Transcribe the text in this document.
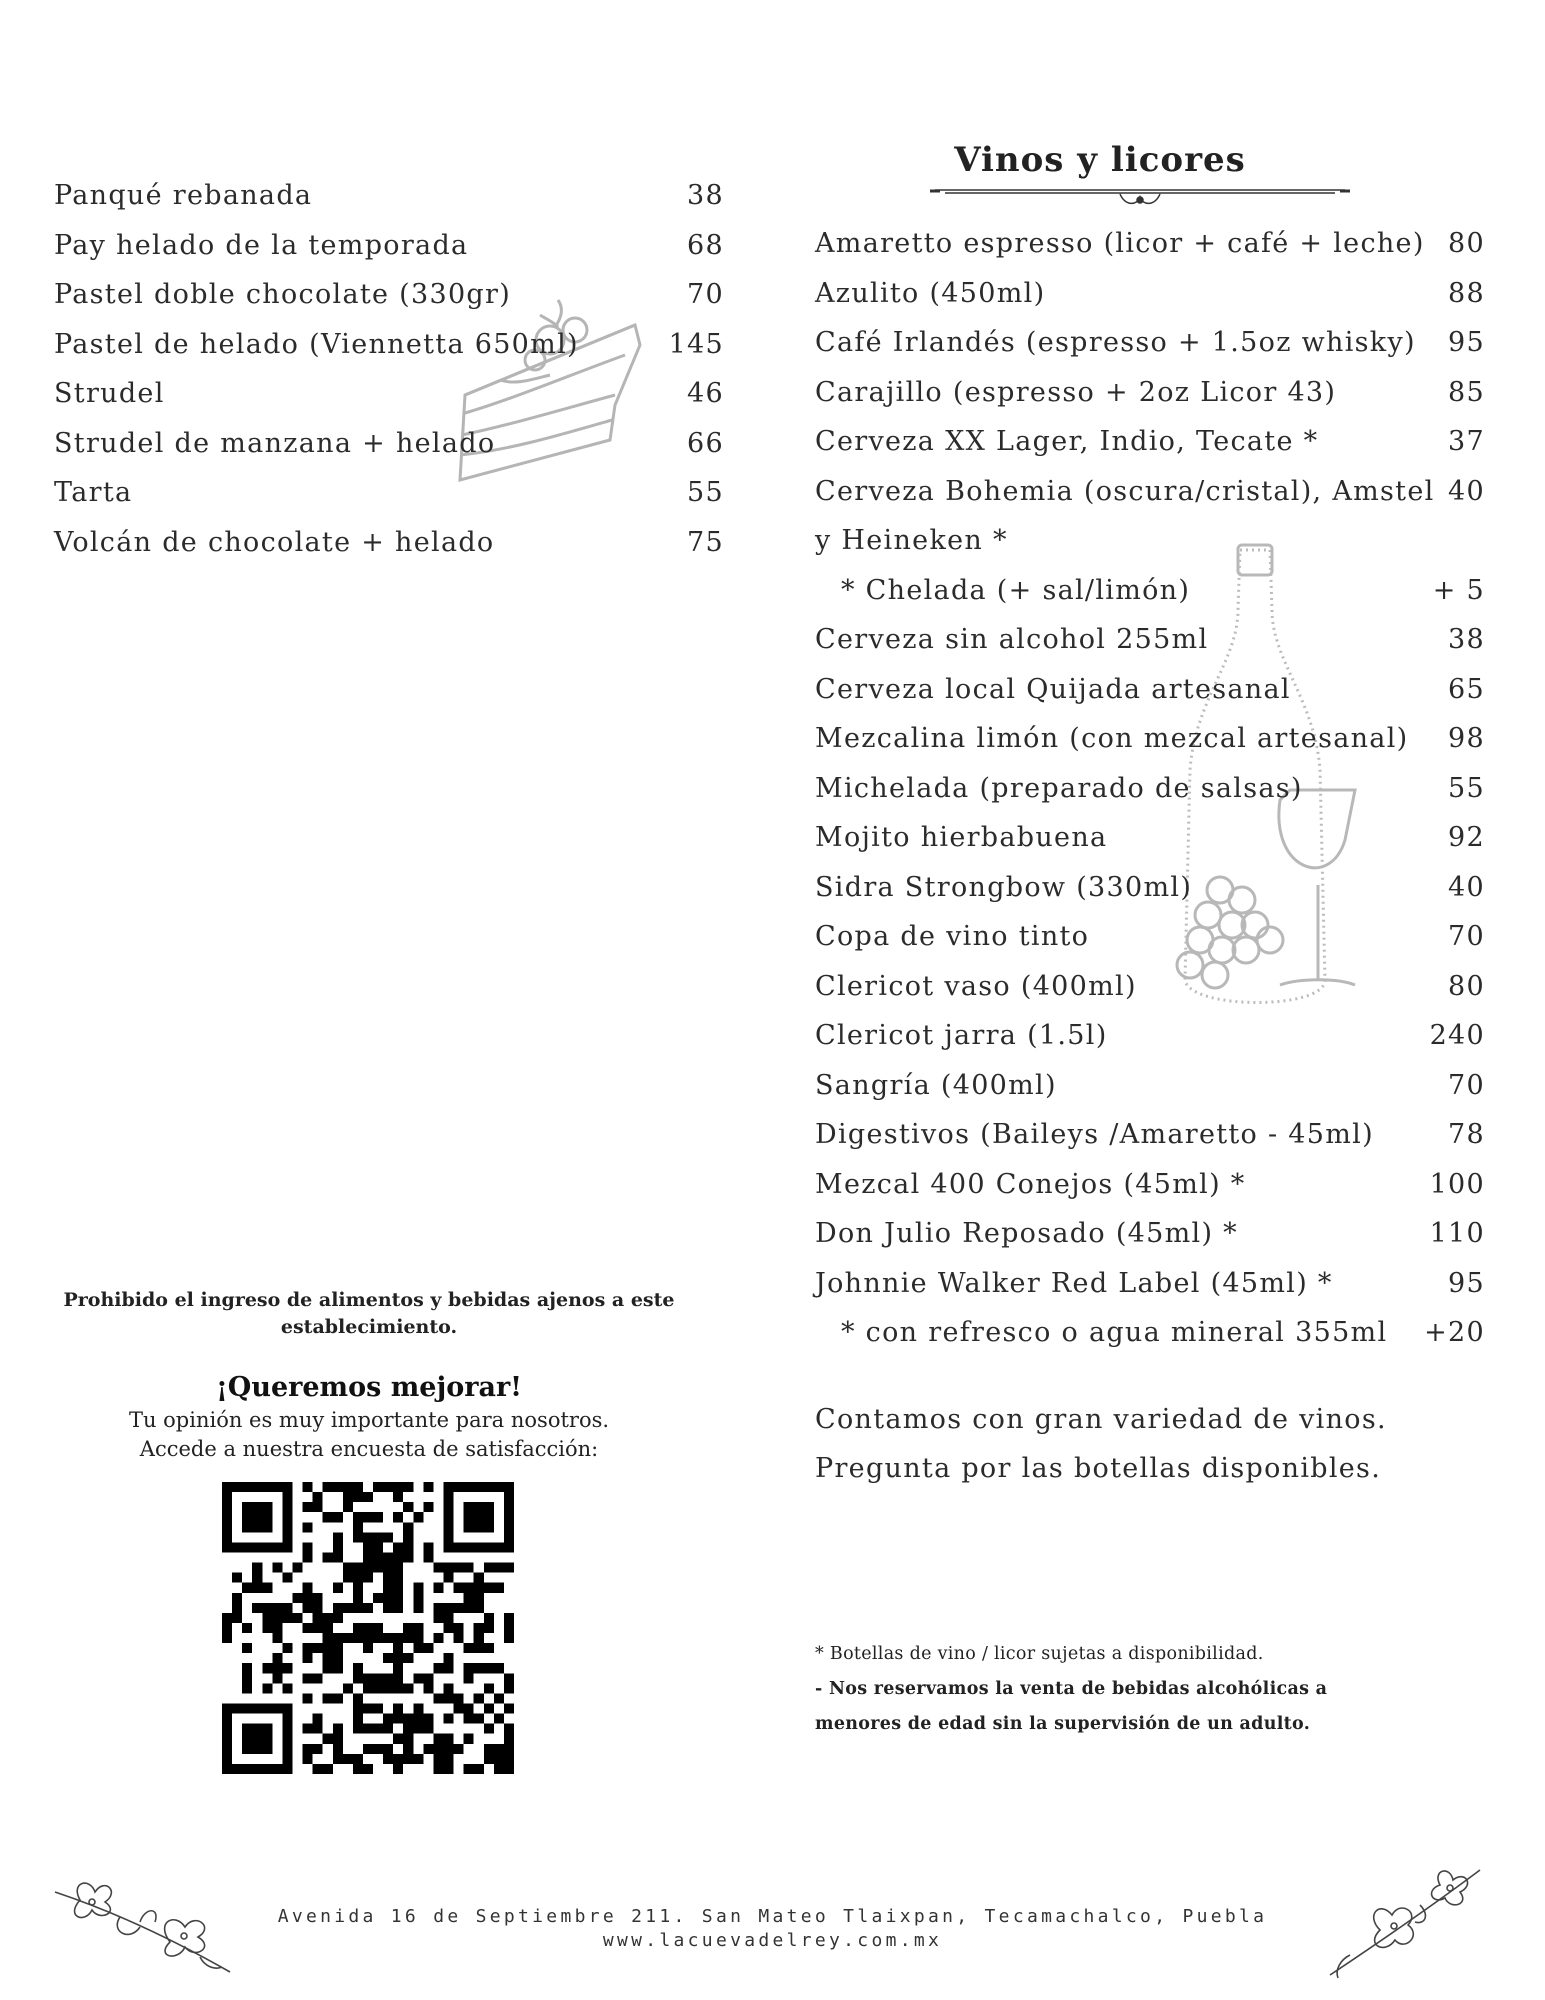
Panqué rebanada	38
Pay helado de la temporada	68
Pastel doble chocolate (330gr)	70
Pastel de helado (Viennetta 650ml)	145
Strudel	46
Strudel de manzana + helado	66
Tarta	55
Volcán de chocolate + helado	75
Vinos y licores
Amaretto espresso (licor + café + leche) 80
Azulito (450ml)	88
Café Irlandés (espresso + 1.5oz whisky)	95
Carajillo (espresso + 2oz Licor 43)	85
Cerveza XX Lager, Indio, Tecate *	37
Cerveza Bohemia (oscura/cristal), Amstel 40
y Heineken *
* Chelada (+ sal/limón)	+ 5
Cerveza sin alcohol 255ml	38
Cerveza local Quijada artesanal	65
Mezcalina limón (con mezcal artesanal)	98
Michelada (preparado de salsas)	55
Mojito hierbabuena	92
Sidra Strongbow (330ml)	40
Copa de vino tinto	70
Clericot vaso (400ml)	80
Clericot jarra (1.5l)	240
Sangría (400ml)	70
Digestivos (Baileys /Amaretto - 45ml)	78
Mezcal 400 Conejos (45ml) *	100
Don Julio Reposado (45ml) *	110
Johnnie Walker Red Label (45ml) *	95
* con refresco o agua mineral 355ml	+20
Prohibido el ingreso de alimentos y bebidas ajenos a este
establecimiento.
¡Queremos mejorar!
Tu opinión es muy importante para nosotros.
Accede a nuestra encuesta de satisfacción:
Contamos con gran variedad de vinos.
Pregunta por las botellas disponibles.
* Botellas de vino / licor sujetas a disponibilidad.
- Nos reservamos la venta de bebidas alcohólicas a
menores de edad sin la supervisión de un adulto.
Avenida 16 de Septiembre 211. San Mateo Tlaixpan, Tecamachalco, Puebla
www.lacuevadelrey.com.mx
